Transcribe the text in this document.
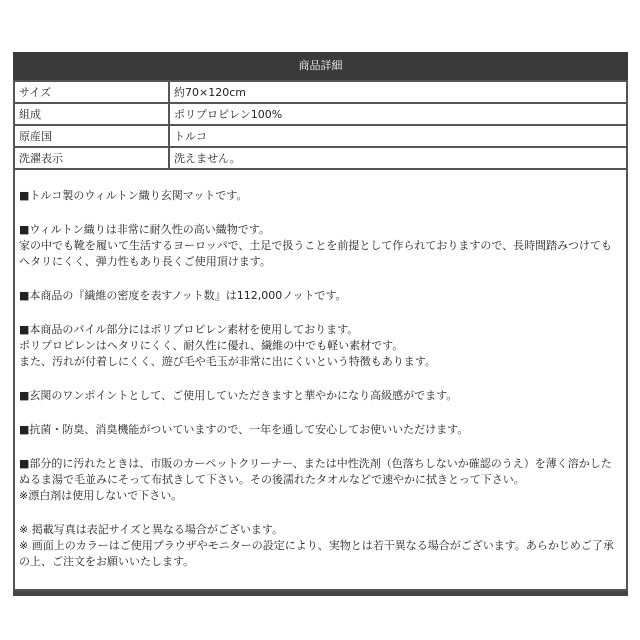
商品詳細
サイズ	約70×120cm
組成	ポリプロピレン100%
原産国	トルコ
洗濯表示	洗えません。

■トルコ製のウィルトン織り玄関マットです。

■ウィルトン織りは非常に耐久性の高い織物です。
家の中でも靴を履いて生活するヨーロッパで、土足で扱うことを前提として作られておりますので、長時間踏みつけても
ヘタリにくく、弾力性もあり長くご使用頂けます。

■本商品の『繊維の密度を表すノット数』は112,000ノットです。

■本商品のパイル部分にはポリプロピレン素材を使用しております。
ポリプロピレンはヘタリにくく、耐久性に優れ、繊維の中でも軽い素材です。
また、汚れが付着しにくく、遊び毛や毛玉が非常に出にくいという特徴もあります。

■玄関のワンポイントとして、ご使用していただきますと華やかになり高級感がでます。

■抗菌・防臭、消臭機能がついていますので、一年を通して安心してお使いいただけます。

■部分的に汚れたときは、市販のカーペットクリーナー、または中性洗剤（色落ちしないか確認のうえ）を薄く溶かした
ぬるま湯で毛並みにそって布拭きして下さい。その後濡れたタオルなどで速やかに拭きとって下さい。
※漂白剤は使用しないで下さい。

※ 掲載写真は表記サイズと異なる場合がございます。
※ 画面上のカラーはご使用ブラウザやモニターの設定により、実物とは若干異なる場合がございます。あらかじめご了承
の上、ご注文をお願いいたします。
